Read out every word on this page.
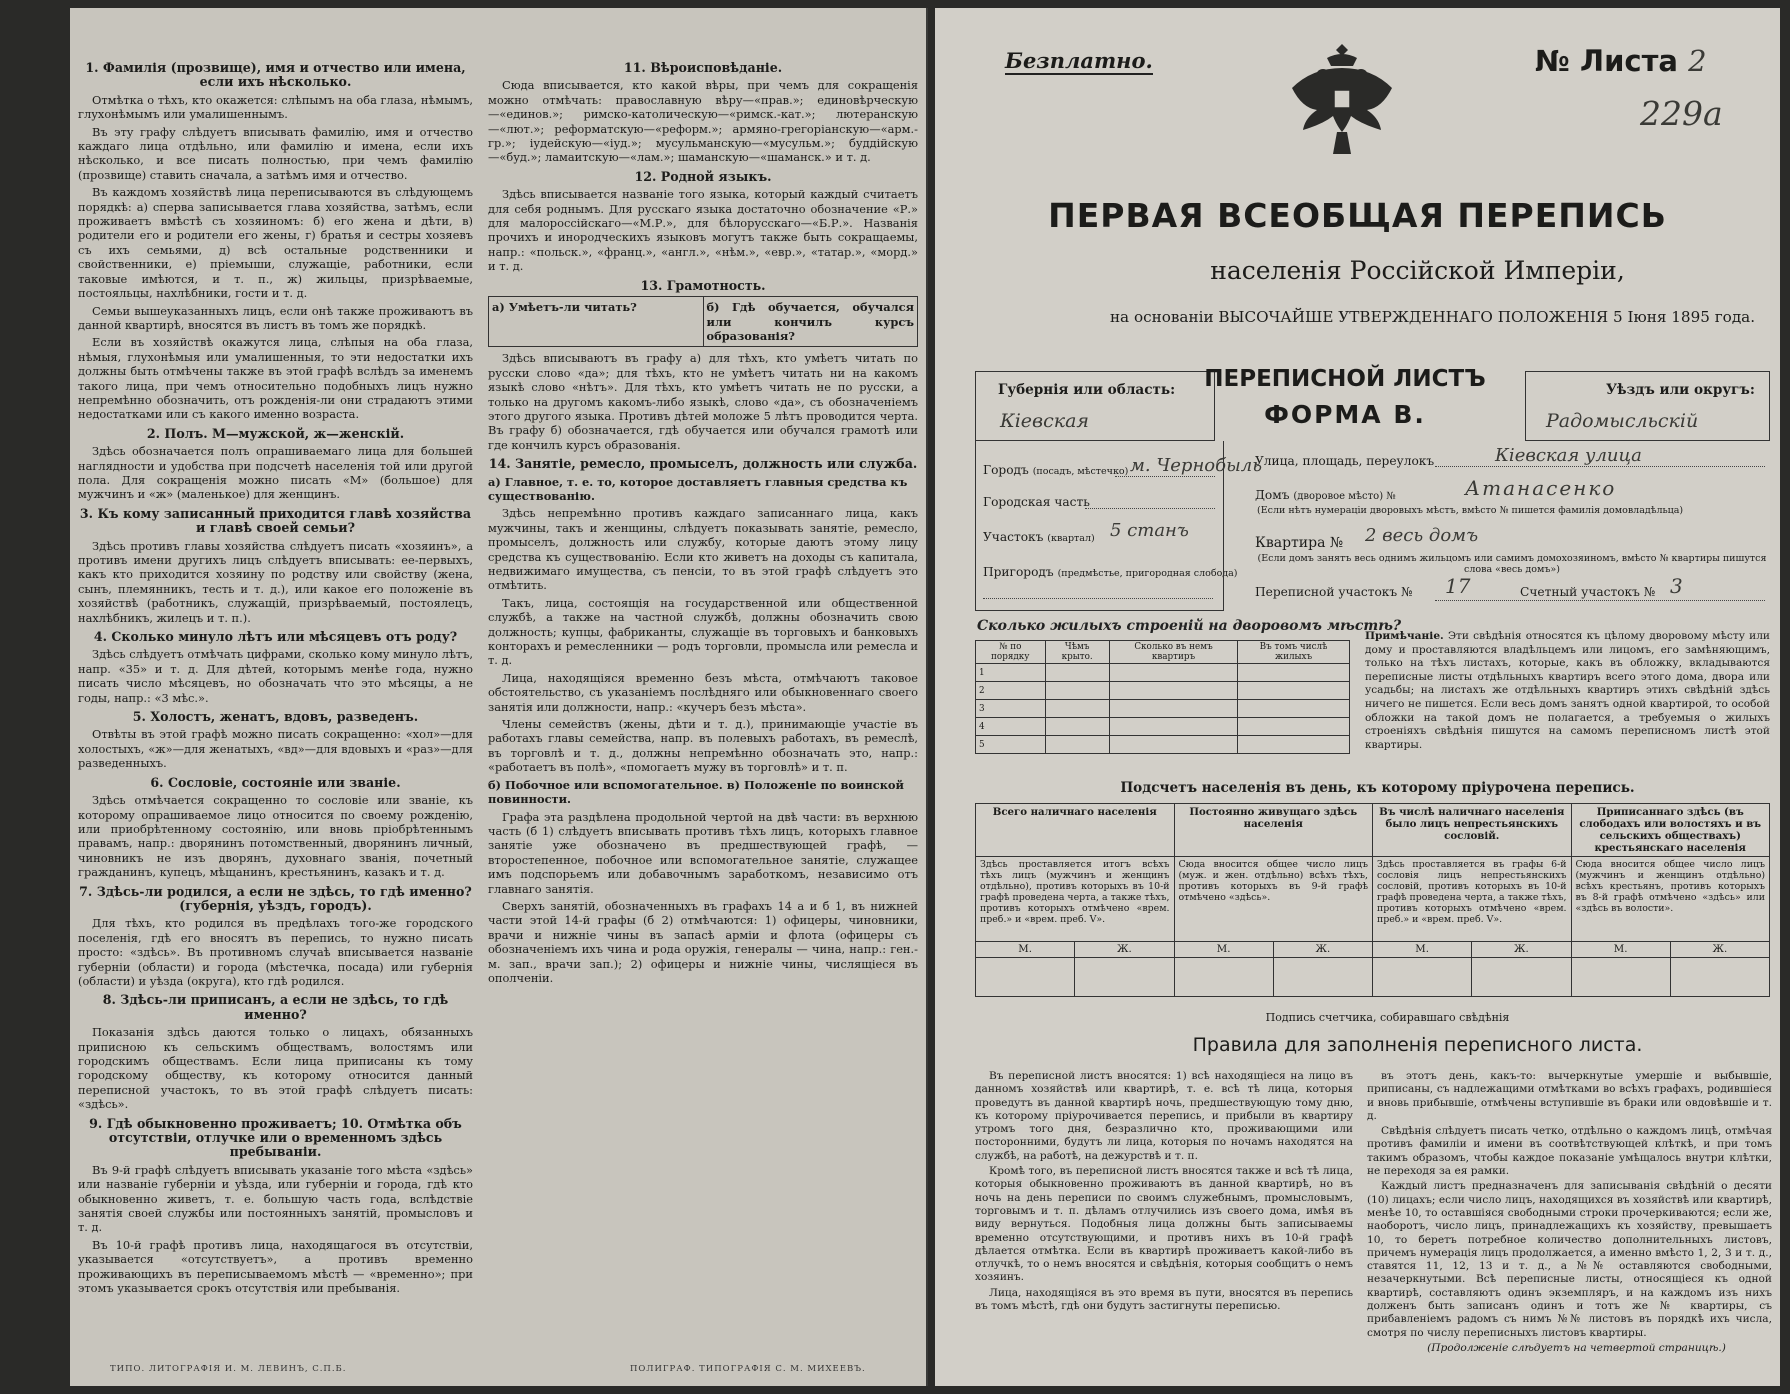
1. Фамилія (прозвище), имя и отчество или имена, если ихъ нѣсколько.

Отмѣтка о тѣхъ, кто окажется: слѣпымъ на оба глаза, нѣмымъ, глухонѣмымъ или умалишеннымъ.

Въ эту графу слѣдуетъ вписывать фамилію, имя и отчество каждаго лица отдѣльно, или фамилію и имена, если ихъ нѣсколько, и все писать полностью, при чемъ фамилію (прозвище) ставить сначала, а затѣмъ имя и отчество.

Въ каждомъ хозяйствѣ лица переписываются въ слѣдующемъ порядкѣ: а) сперва записывается глава хозяйства, затѣмъ, если проживаетъ вмѣстѣ съ хозяиномъ: б) его жена и дѣти, в) родители его и родители его жены, г) братья и сестры хозяевъ съ ихъ семьями, д) всѣ остальные родственники и свойственники, е) пріемыши, служащіе, работники, если таковые имѣются, и т. п., ж) жильцы, призрѣваемые, постояльцы, нахлѣбники, гости и т. д.

Семьи вышеуказанныхъ лицъ, если онѣ также проживаютъ въ данной квартирѣ, вносятся въ листъ въ томъ же порядкѣ.

Если въ хозяйствѣ окажутся лица, слѣпыя на оба глаза, нѣмыя, глухонѣмыя или умалишенныя, то эти недостатки ихъ должны быть отмѣчены также въ этой графѣ вслѣдъ за именемъ такого лица, при чемъ относительно подобныхъ лицъ нужно непремѣнно обозначить, отъ рожденія-ли они страдаютъ этими недостатками или съ какого именно возраста.

2. Полъ. М—мужской, ж—женскій.

Здѣсь обозначается полъ опрашиваемаго лица для большей наглядности и удобства при подсчетѣ населенія той или другой пола. Для сокращенія можно писать «М» (большое) для мужчинъ и «ж» (маленькое) для женщинъ.

3. Къ кому записанный приходится главѣ хозяйства и главѣ своей семьи?

Здѣсь противъ главы хозяйства слѣдуетъ писать «хозяинъ», а противъ имени другихъ лицъ слѣдуетъ вписывать: ее-первыхъ, какъ кто приходится хозяину по родству или свойству (жена, сынъ, племянникъ, тесть и т. д.), или какое его положеніе въ хозяйствѣ (работникъ, служащій, призрѣваемый, постоялецъ, нахлѣбникъ, жилецъ и т. п.).

4. Сколько минуло лѣтъ или мѣсяцевъ отъ роду?

Здѣсь слѣдуетъ отмѣчать цифрами, сколько кому минуло лѣтъ, напр. «35» и т. д. Для дѣтей, которымъ менѣе года, нужно писать число мѣсяцевъ, но обозначать что это мѣсяцы, а не годы, напр.: «3 мѣс.».

5. Холостъ, женатъ, вдовъ, разведенъ.

Отвѣты въ этой графѣ можно писать сокращенно: «хол»—для холостыхъ, «ж»—для женатыхъ, «вд»—для вдовыхъ и «раз»—для разведенныхъ.

6. Сословіе, состояніе или званіе.

Здѣсь отмѣчается сокращенно то сословіе или званіе, къ которому опрашиваемое лицо относится по своему рожденію, или приобрѣтенному состоянію, или вновь пріобрѣтеннымъ правамъ, напр.: дворянинъ потомственный, дворянинъ личный, чиновникъ не изъ дворянъ, духовнаго званія, почетный гражданинъ, купецъ, мѣщанинъ, крестьянинъ, казакъ и т. д.

7. Здѣсь-ли родился, а если не здѣсь, то гдѣ именно? (губернія, уѣздъ, городъ).

Для тѣхъ, кто родился въ предѣлахъ того-же городского поселенія, гдѣ его вносятъ въ перепись, то нужно писать просто: «здѣсь». Въ противномъ случаѣ вписывается названіе губерніи (области) и города (мѣстечка, посада) или губернія (области) и уѣзда (округа), кто гдѣ родился.

8. Здѣсь-ли приписанъ, а если не здѣсь, то гдѣ именно?

Показанія здѣсь даются только о лицахъ, обязанныхъ приписною къ сельскимъ обществамъ, волостямъ или городскимъ обществамъ. Если лица приписаны къ тому городскому обществу, къ которому относится данный переписной участокъ, то въ этой графѣ слѣдуетъ писать: «здѣсь».

9. Гдѣ обыкновенно проживаетъ; 10. Отмѣтка объ отсутствіи, отлучке или о временномъ здѣсь пребываніи.

Въ 9-й графѣ слѣдуетъ вписывать указаніе того мѣста «здѣсь» или названіе губерніи и уѣзда, или губерніи и города, гдѣ кто обыкновенно живетъ, т. е. большую часть года, вслѣдствіе занятія своей службы или постоянныхъ занятій, промысловъ и т. д.

Въ 10-й графѣ противъ лица, находящагося въ отсутствіи, указывается «отсутствуетъ», а противъ временно проживающихъ въ переписываемомъ мѣстѣ — «временно»; при этомъ указывается срокъ отсутствія или пребыванія.

11. Вѣроисповѣданіе.

Сюда вписывается, кто какой вѣры, при чемъ для сокращенія можно отмѣчать: православную вѣру—«прав.»; единовѣрческую—«единов.»; римско-католическую—«римск.-кат.»; лютеранскую—«лют.»; реформатскую—«реформ.»; армяно-грегоріанскую—«арм.-гр.»; іудейскую—«іуд.»; мусульманскую—«мусульм.»; буддійскую—«буд.»; ламаитскую—«лам.»; шаманскую—«шаманск.» и т. д.

12. Родной языкъ.

Здѣсь вписывается названіе того языка, который каждый считаетъ для себя роднымъ. Для русскаго языка достаточно обозначение «Р.» для малороссійскаго—«М.Р.», для бѣлорусскаго—«Б.Р.». Названія прочихъ и инородческихъ языковъ могутъ также быть сокращаемы, напр.: «польск.», «франц.», «англ.», «нѣм.», «евр.», «татар.», «морд.» и т. д.

13. Грамотность.
а) Умѣетъ-ли читать?	б) Гдѣ обучается, обучался или кончилъ курсъ образованія?

Здѣсь вписываютъ въ графу а) для тѣхъ, кто умѣетъ читать по русски слово «да»; для тѣхъ, кто не умѣетъ читать ни на какомъ языкѣ слово «нѣтъ». Для тѣхъ, кто умѣетъ читать не по русски, а только на другомъ какомъ-либо языкѣ, слово «да», съ обозначеніемъ этого другого языка. Противъ дѣтей моложе 5 лѣтъ проводится черта. Въ графу б) обозначается, гдѣ обучается или обучался грамотѣ или где кончилъ курсъ образованія.

14. Занятіе, ремесло, промыселъ, должность или служба.

а) Главное, т. е. то, которое доставляетъ главныя средства къ существованію.

Здѣсь непремѣнно противъ каждаго записаннаго лица, какъ мужчины, такъ и женщины, слѣдуетъ показывать занятіе, ремесло, промыселъ, должность или службу, которые даютъ этому лицу средства къ существованію. Если кто живетъ на доходы съ капитала, недвижимаго имущества, съ пенсіи, то въ этой графѣ слѣдуетъ это отмѣтить.

Такъ, лица, состоящія на государственной или общественной службѣ, а также на частной службѣ, должны обозначить свою должность; купцы, фабриканты, служащіе въ торговыхъ и банковыхъ конторахъ и ремесленники — родъ торговли, промысла или ремесла и т. д.

Лица, находящіяся временно безъ мѣста, отмѣчаютъ таковое обстоятельство, съ указаніемъ послѣдняго или обыкновеннаго своего занятія или должности, напр.: «кучеръ безъ мѣста».

Члены семействъ (жены, дѣти и т. д.), принимающіе участіе въ работахъ главы семейства, напр. въ полевыхъ работахъ, въ ремеслѣ, въ торговлѣ и т. д., должны непремѣнно обозначать это, напр.: «работаетъ въ полѣ», «помогаетъ мужу въ торговлѣ» и т. п.

б) Побочное или вспомогательное. в) Положеніе по воинской повинности.

Графа эта раздѣлена продольной чертой на двѣ части: въ верхнюю часть (б 1) слѣдуетъ вписывать противъ тѣхъ лицъ, которыхъ главное занятіе уже обозначено въ предшествующей графѣ, — второстепенное, побочное или вспомогательное занятіе, служащее имъ подспорьемъ или добавочнымъ заработкомъ, независимо отъ главнаго занятія.

Сверхъ занятій, обозначенныхъ въ графахъ 14 а и б 1, въ нижней части этой 14-й графы (б 2) отмѣчаются: 1) офицеры, чиновники, врачи и нижніе чины въ запасѣ арміи и флота (офицеры съ обозначеніемъ ихъ чина и рода оружія, генералы — чина, напр.: ген.-м. зап., врачи зап.); 2) офицеры и нижніе чины, числящіеся въ ополченіи.

ТИПО. ЛИТОГРАФІЯ И. М. ЛЕВИНЪ, С.П.Б.	ПОЛИГРАФ. ТИПОГРАФІЯ С. М. МИХЕЕВЪ.
Безплатно.	№ Листа 2
229а
ПЕРВАЯ ВСЕОБЩАЯ ПЕРЕПИСЬ
населенія Россійской Имперіи,
на основаніи ВЫСОЧАЙШЕ УТВЕРЖДЕННАГО ПОЛОЖЕНІЯ 5 Іюня 1895 года.
Губернія или область:
Кіевская
ПЕРЕПИСНОЙ ЛИСТЪ
ФОРМА В.
Уѣздъ или округъ:
Радомысльскій
Городъ (посадъ, мѣстечко) м. Чернобыль
Городская часть
Участокъ (квартал) 5 станъ
Пригородъ (предмѣстье, пригородная слобода)
Улица, площадь, переулокъ	Кіевская улица
Домъ (дворовое мѣсто) №	Атанасенко
(Если нѣтъ нумераціи дворовыхъ мѣстъ, вмѣсто № пишется фамилія домовладѣльца)
Квартира № 2 весь домъ
(Если домъ занятъ весь однимъ жильцомъ или самимъ домохозяиномъ, вмѣсто № квартиры пишутся слова «весь домъ»)
Переписной участокъ № 17	Счетный участокъ № 3
Сколько жилыхъ строеній на дворовомъ мѣстѣ?
№ по порядку	Чѣмъ крыто.	Сколько въ немъ квартиръ	Въ томъ числѣ жилыхъ
1			
2			
3			
4			
5			
Примѣчаніе. Эти свѣдѣнія относятся къ цѣлому дворовому мѣсту или дому и проставляются владѣльцемъ или лицомъ, его замѣняющимъ, только на тѣхъ листахъ, которые, какъ въ обложку, вкладываются переписные листы отдѣльныхъ квартиръ всего этого дома, двора или усадьбы; на листахъ же отдѣльныхъ квартиръ этихъ свѣдѣній здѣсь ничего не пишется. Если весь домъ занятъ одной квартирой, то особой обложки на такой домъ не полагается, а требуемыя о жилыхъ строеніяхъ свѣдѣнія пишутся на самомъ переписномъ листѣ этой квартиры.
Подсчетъ населенія въ день, къ которому пріурочена перепись.
Всего наличнаго населенія		Постоянно живущаго здѣсь населенія		Въ числѣ наличнаго населенія было лицъ непрестьянскихъ сословій.		Приписаннаго здѣсь (въ слободахъ или волостяхъ и въ сельскихъ обществахъ) крестьянскаго населенія	
Здѣсь проставляется итогъ всѣхъ тѣхъ лицъ (мужчинъ и женщинъ отдѣльно), противъ которыхъ въ 10-й графѣ проведена черта, а также тѣхъ, противъ которыхъ отмѣчено «врем. преб.» и «врем. преб. V».		Сюда вносится общее число лицъ (муж. и жен. отдѣльно) всѣхъ тѣхъ, противъ которыхъ въ 9-й графѣ отмѣчено «здѣсь».		Здѣсь проставляется въ графы 6-й сословія лицъ непрестьянскихъ сословій, противъ которыхъ въ 10-й графѣ проведена черта, а также тѣхъ, противъ которыхъ отмѣчено «врем. преб.» и «врем. преб. V».		Сюда вносится общее число лицъ (мужчинъ и женщинъ отдѣльно) всѣхъ крестьянъ, противъ которыхъ въ 8-й графѣ отмѣчено «здѣсь» или «здѣсь въ волости».	
М.	Ж.	М.	Ж.	М.	Ж.	М.	Ж.

Подпись счетчика, собиравшаго свѣдѣнія
Правила для заполненія переписного листа.

Въ переписной листъ вносятся: 1) всѣ находящіеся на лицо въ данномъ хозяйствѣ или квартирѣ, т. е. всѣ тѣ лица, которыя проведутъ въ данной квартирѣ ночь, предшествующую тому дню, къ которому пріурочивается перепись, и прибыли въ квартиру утромъ того дня, безразлично кто, проживающими или посторонними, будутъ ли лица, которыя по ночамъ находятся на службѣ, на работѣ, на дежурствѣ и т. п.

Кромѣ того, въ переписной листъ вносятся также и всѣ тѣ лица, которыя обыкновенно проживаютъ въ данной квартирѣ, но въ ночь на день переписи по своимъ служебнымъ, промысловымъ, торговымъ и т. п. дѣламъ отлучились изъ своего дома, имѣя въ виду вернуться. Подобныя лица должны быть записываемы временно отсутствующими, и противъ нихъ въ 10-й графѣ дѣлается отмѣтка. Если въ квартирѣ проживаетъ какой-либо въ отлучкѣ, то о немъ вносятся и свѣдѣнія, которыя сообщитъ о немъ хозяинъ.

Лица, находящіяся въ это время въ пути, вносятся въ перепись въ томъ мѣстѣ, гдѣ они будутъ застигнуты переписью.

въ этотъ день, какъ-то: вычеркнутые умершіе и выбывшіе, приписаны, съ надлежащими отмѣтками во всѣхъ графахъ, родившіеся и вновь прибывшіе, отмѣчены вступившіе въ браки или овдовѣвшіе и т. д.

Свѣдѣнія слѣдуетъ писать четко, отдѣльно о каждомъ лицѣ, отмѣчая противъ фамиліи и имени въ соотвѣтствующей клѣткѣ, и при томъ такимъ образомъ, чтобы каждое показаніе умѣщалось внутри клѣтки, не переходя за ея рамки.

Каждый листъ предназначенъ для записыванія свѣдѣній о десяти (10) лицахъ; если число лицъ, находящихся въ хозяйствѣ или квартирѣ, менѣе 10, то оставшіяся свободными строки прочеркиваются; если же, наоборотъ, число лицъ, принадлежащихъ къ хозяйству, превышаетъ 10, то беретъ потребное количество дополнительныхъ листовъ, причемъ нумерація лицъ продолжается, а именно вмѣсто 1, 2, 3 и т. д., ставятся 11, 12, 13 и т. д., а №№ оставляются свободными, незачеркнутыми. Всѣ переписные листы, относящіеся къ одной квартирѣ, составляютъ одинъ экземпляръ, и на каждомъ изъ нихъ долженъ быть записанъ одинъ и тотъ же № квартиры, съ прибавленіемъ радомъ съ нимъ №№ листовъ въ порядкѣ ихъ числа, смотря по числу переписныхъ листовъ квартиры.

(Продолженіе слѣдуетъ на четвертой страницѣ.)
